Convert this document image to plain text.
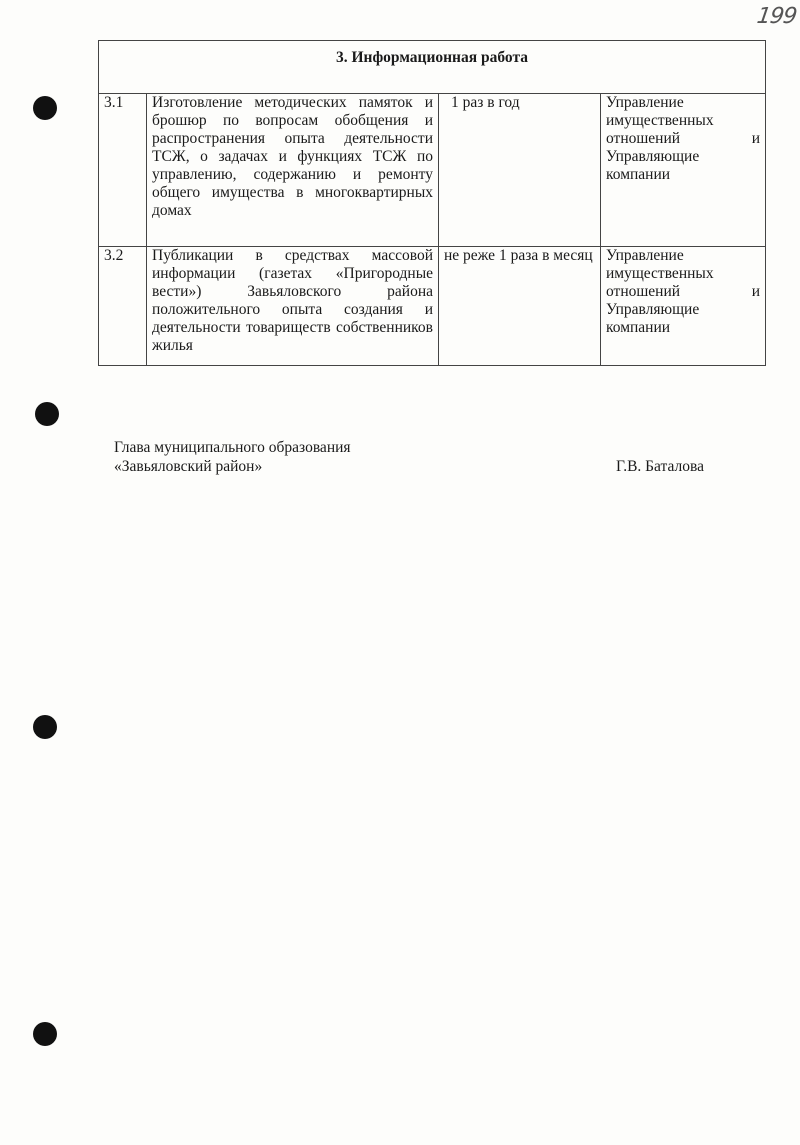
199
3. Информационная работа			
3.1	Изготовление методических памяток и брошюр по вопросам обобщения и распространения опыта деятельности ТСЖ, о задачах и функциях ТСЖ по управлению, содержанию и ремонту общего имущества в многоквартирных домах	1 раз в год	Управление имущественных отношений и Управляющие компании
3.2	Публикации в средствах массовой информации (газетах «Пригородные вести») Завьяловского района положительного опыта создания и деятельности товариществ собственников жилья	не реже 1 раза в месяц	Управление имущественных отношений и Управляющие компании
Глава муниципального образования
«Завьяловский район»	Г.В. Баталова
